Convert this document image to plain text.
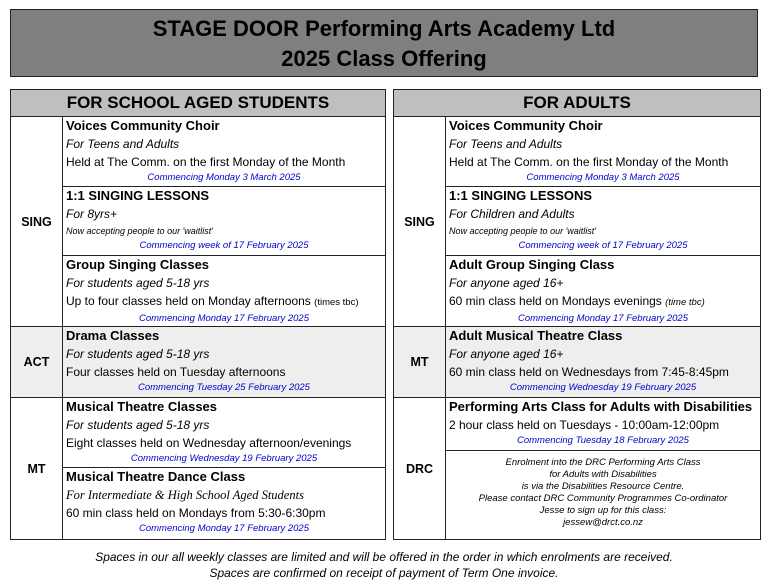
STAGE DOOR Performing Arts Academy Ltd
2025 Class Offering
FOR SCHOOL AGED STUDENTS
SING
Voices Community Choir
For Teens and Adults
Held at The Comm. on the first Monday of the Month
Commencing Monday 3 March 2025
1:1 SINGING LESSONS
For 8yrs+
Now accepting people to our 'waitlist'
Commencing week of 17 February 2025
Group Singing Classes
For students aged 5-18 yrs
Up to four classes held on Monday afternoons (times tbc)
Commencing Monday 17 February 2025
ACT
Drama Classes
For students aged 5-18 yrs
Four classes held on Tuesday afternoons
Commencing Tuesday 25 February 2025
MT
Musical Theatre Classes
For students aged 5-18 yrs
Eight classes held on Wednesday afternoon/evenings
Commencing Wednesday 19 February 2025
Musical Theatre Dance Class
For Intermediate & High School Aged Students
60 min class held on Mondays from 5:30-6:30pm
Commencing Monday 17 February 2025
FOR ADULTS
SING
Voices Community Choir
For Teens and Adults
Held at The Comm. on the first Monday of the Month
Commencing Monday 3 March 2025
1:1 SINGING LESSONS
For Children and Adults
Now accepting people to our 'waitlist'
Commencing week of 17 February 2025
Adult Group Singing Class
For anyone aged 16+
60 min class held on Mondays evenings (time tbc)
Commencing Monday 17 February 2025
MT
Adult Musical Theatre Class
For anyone aged 16+
60 min class held on Wednesdays from 7:45-8:45pm
Commencing Wednesday 19 February 2025
DRC
Performing Arts Class for Adults with Disabilities
2 hour class held on Tuesdays - 10:00am-12:00pm
Commencing Tuesday 18 February 2025
Enrolment into the DRC Performing Arts Class
for Adults with Disabilities
is via the Disabilities Resource Centre.
Please contact DRC Community Programmes Co-ordinator
Jesse to sign up for this class:
jessew@drct.co.nz
Spaces in our all weekly classes are limited and will be offered in the order in which enrolments are received.
Spaces are confirmed on receipt of payment of Term One invoice.
